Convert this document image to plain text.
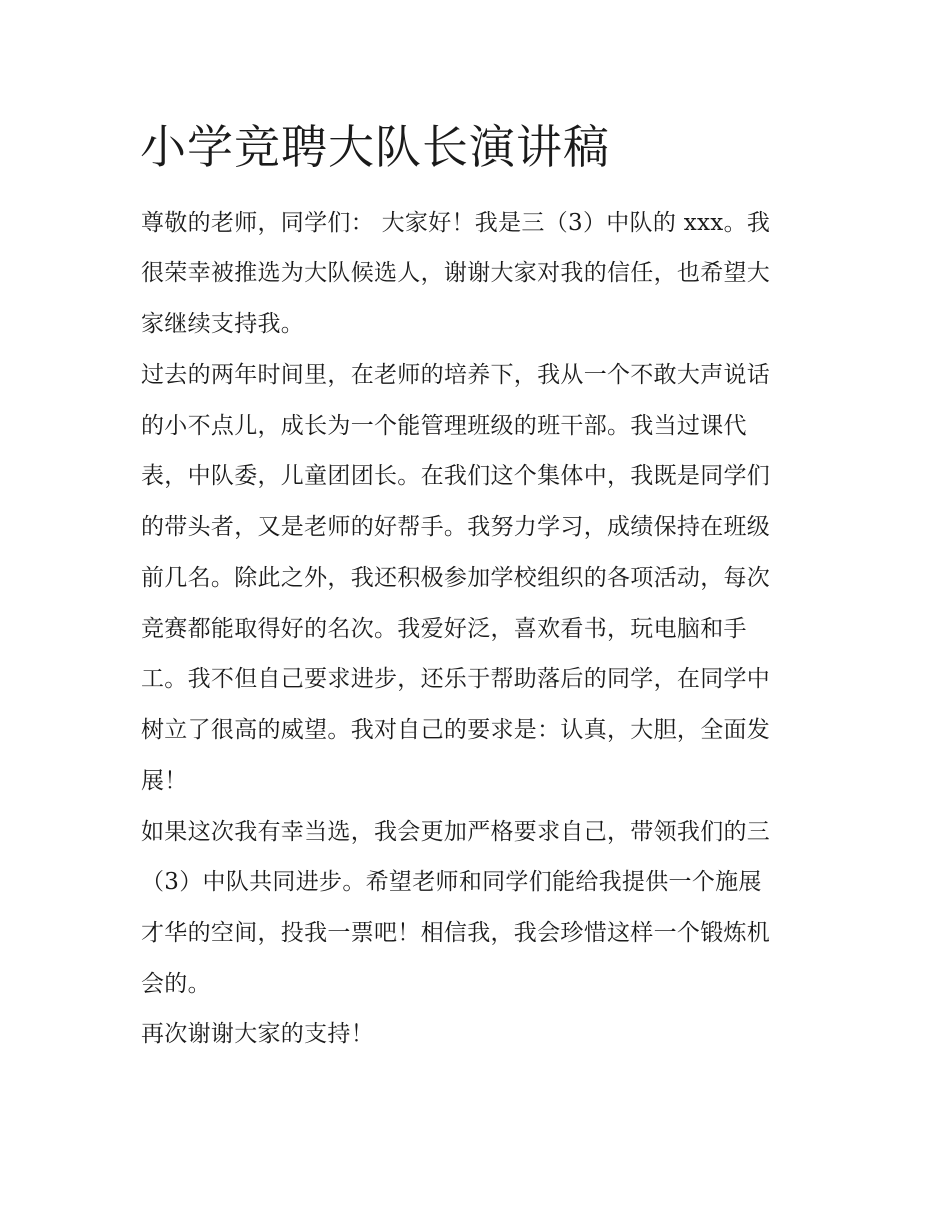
小学竞聘大队长演讲稿

尊敬的老师，同学们： 大家好！我是三（3）中队的 xxx。我

很荣幸被推选为大队候选人，谢谢大家对我的信任，也希望大

家继续支持我。

过去的两年时间里，在老师的培养下，我从一个不敢大声说话

的小不点儿，成长为一个能管理班级的班干部。我当过课代

表，中队委，儿童团团长。在我们这个集体中，我既是同学们

的带头者，又是老师的好帮手。我努力学习，成绩保持在班级

前几名。除此之外，我还积极参加学校组织的各项活动，每次

竞赛都能取得好的名次。我爱好泛，喜欢看书，玩电脑和手

工。我不但自己要求进步，还乐于帮助落后的同学，在同学中

树立了很高的威望。我对自己的要求是：认真，大胆，全面发

展！

如果这次我有幸当选，我会更加严格要求自己，带领我们的三

（3）中队共同进步。希望老师和同学们能给我提供一个施展

才华的空间，投我一票吧！相信我，我会珍惜这样一个锻炼机

会的。

再次谢谢大家的支持！
